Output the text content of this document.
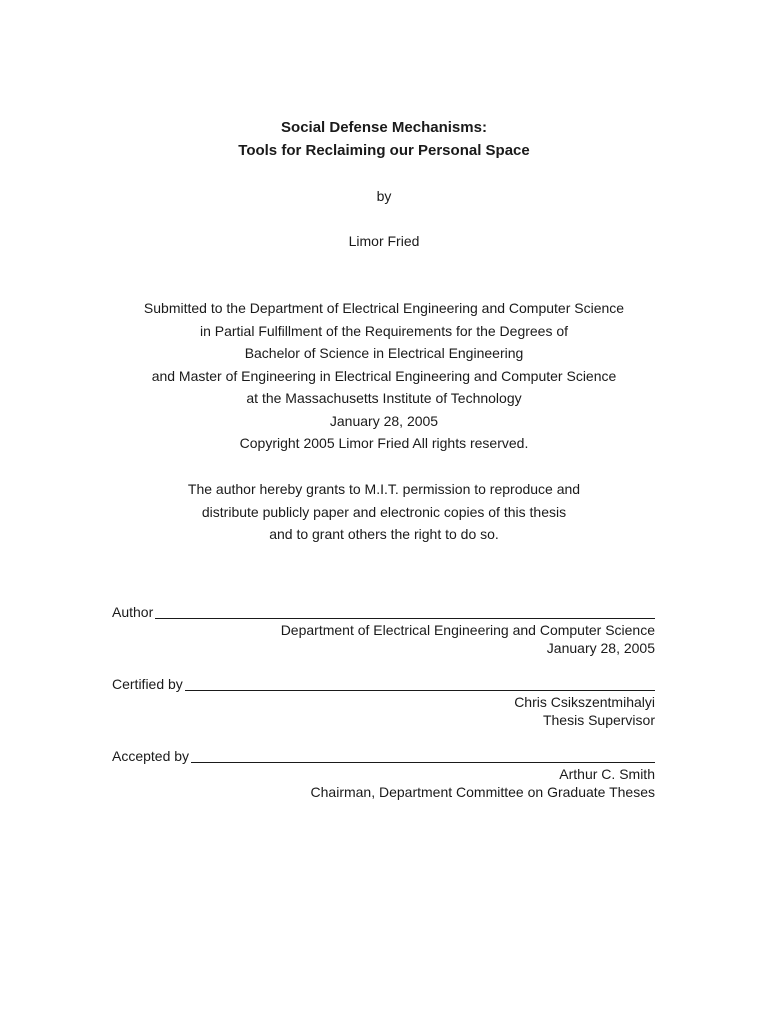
Social Defense Mechanisms:
Tools for Reclaiming our Personal Space
by
Limor Fried
Submitted to the Department of Electrical Engineering and Computer Science
in Partial Fulfillment of the Requirements for the Degrees of
Bachelor of Science in Electrical Engineering
and Master of Engineering in Electrical Engineering and Computer Science
at the Massachusetts Institute of Technology
January 28, 2005
Copyright 2005 Limor Fried All rights reserved.
The author hereby grants to M.I.T. permission to reproduce and
distribute publicly paper and electronic copies of this thesis
and to grant others the right to do so.
Author
Department of Electrical Engineering and Computer Science
January 28, 2005
Certified by
Chris Csikszentmihalyi
Thesis Supervisor
Accepted by
Arthur C. Smith
Chairman, Department Committee on Graduate Theses
